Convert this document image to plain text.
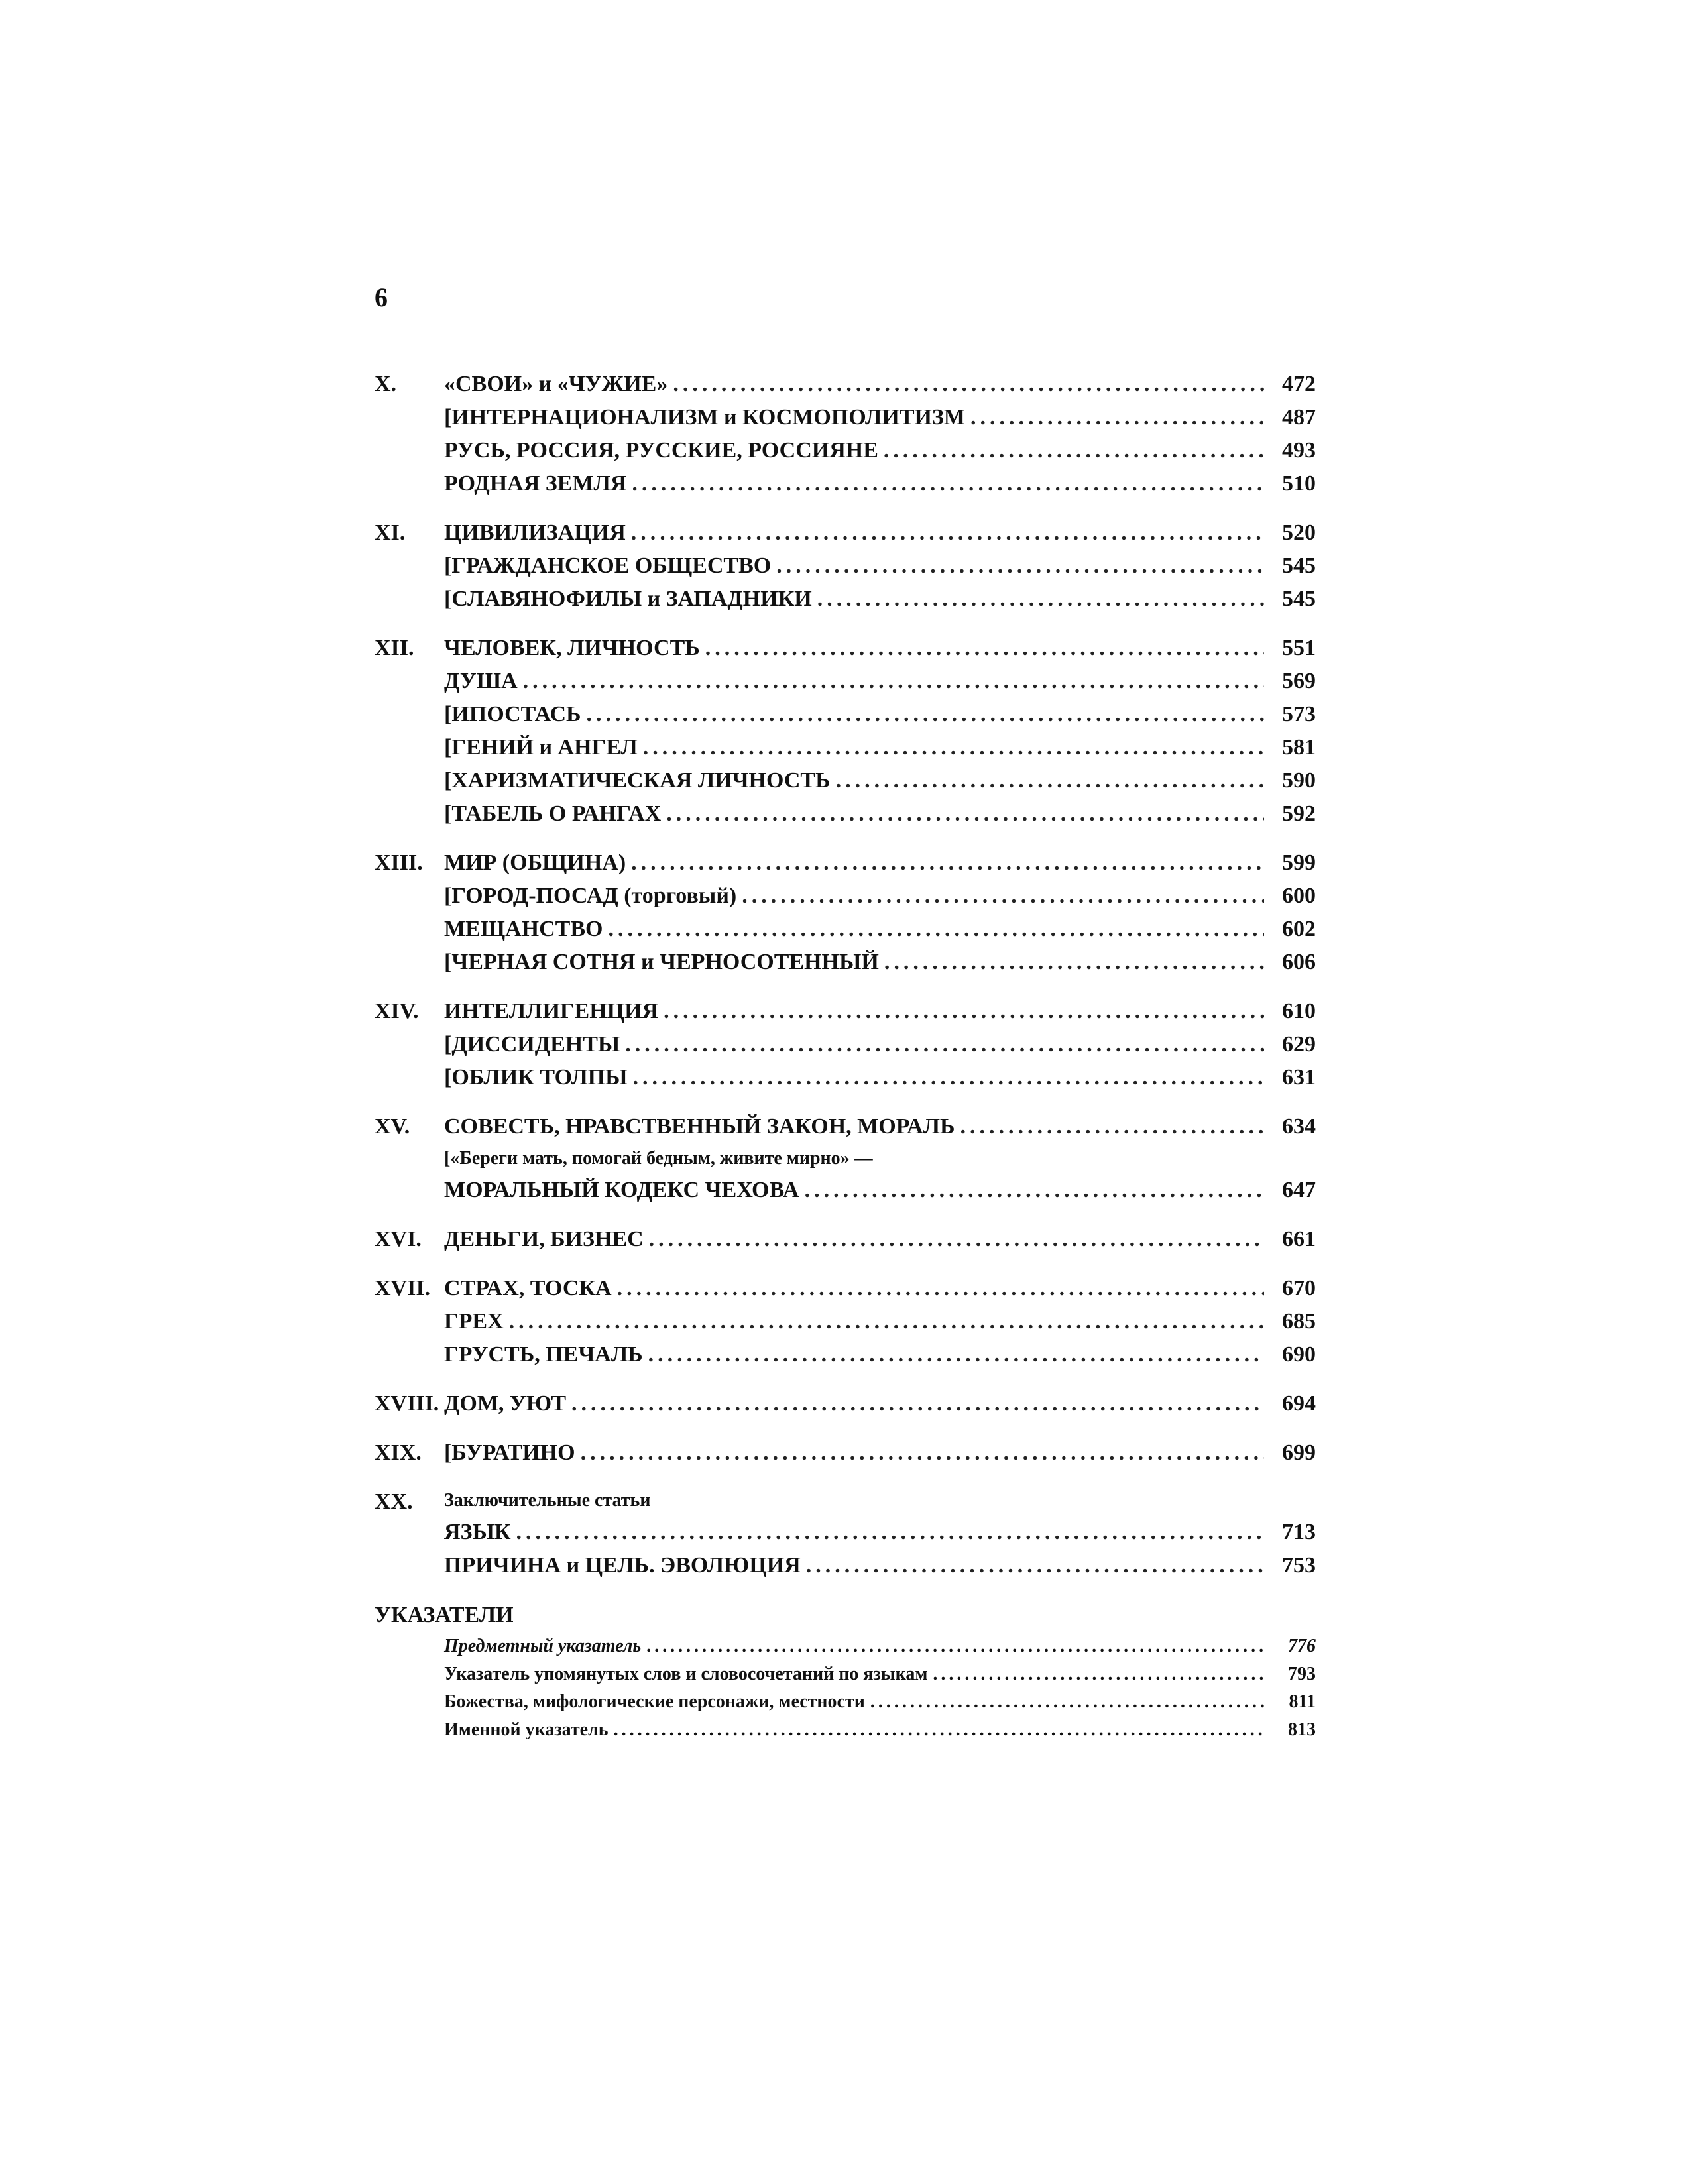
6
X. «СВОИ» и «ЧУЖИЕ» .....	472
[ИНТЕРНАЦИОНАЛИЗМ и КОСМОПОЛИТИЗМ .....	487
РУСЬ, РОССИЯ, РУССКИЕ, РОССИЯНЕ .....	493
РОДНАЯ ЗЕМЛЯ .....	510
XI. ЦИВИЛИЗАЦИЯ .....	520
[ГРАЖДАНСКОЕ ОБЩЕСТВО .....	545
[СЛАВЯНОФИЛЫ и ЗАПАДНИКИ .....	545
XII. ЧЕЛОВЕК, ЛИЧНОСТЬ .....	551
ДУША .....	569
[ИПОСТАСЬ .....	573
[ГЕНИЙ и АНГЕЛ .....	581
[ХАРИЗМАТИЧЕСКАЯ ЛИЧНОСТЬ .....	590
[ТАБЕЛЬ О РАНГАХ .....	592
XIII. МИР (ОБЩИНА) .....	599
[ГОРОД-ПОСАД (торговый) .....	600
МЕЩАНСТВО .....	602
[ЧЕРНАЯ СОТНЯ и ЧЕРНОСОТЕННЫЙ .....	606
XIV. ИНТЕЛЛИГЕНЦИЯ .....	610
[ДИССИДЕНТЫ .....	629
[ОБЛИК ТОЛПЫ .....	631
XV. СОВЕСТЬ, НРАВСТВЕННЫЙ ЗАКОН, МОРАЛЬ .....	634
[«Береги мать, помогай бедным, живите мирно» —
МОРАЛЬНЫЙ КОДЕКС ЧЕХОВА .....	647
XVI. ДЕНЬГИ, БИЗНЕС .....	661
XVII. СТРАХ, ТОСКА .....	670
ГРЕХ .....	685
ГРУСТЬ, ПЕЧАЛЬ .....	690
XVIII. ДОМ, УЮТ .....	694
XIX. [БУРАТИНО .....	699
XX. Заключительные статьи
ЯЗЫК .....	713
ПРИЧИНА и ЦЕЛЬ. ЭВОЛЮЦИЯ .....	753
УКАЗАТЕЛИ
Предметный указатель .....	776
Указатель упомянутых слов и словосочетаний по языкам .....	793
Божества, мифологические персонажи, местности .....	811
Именной указатель .....	813
